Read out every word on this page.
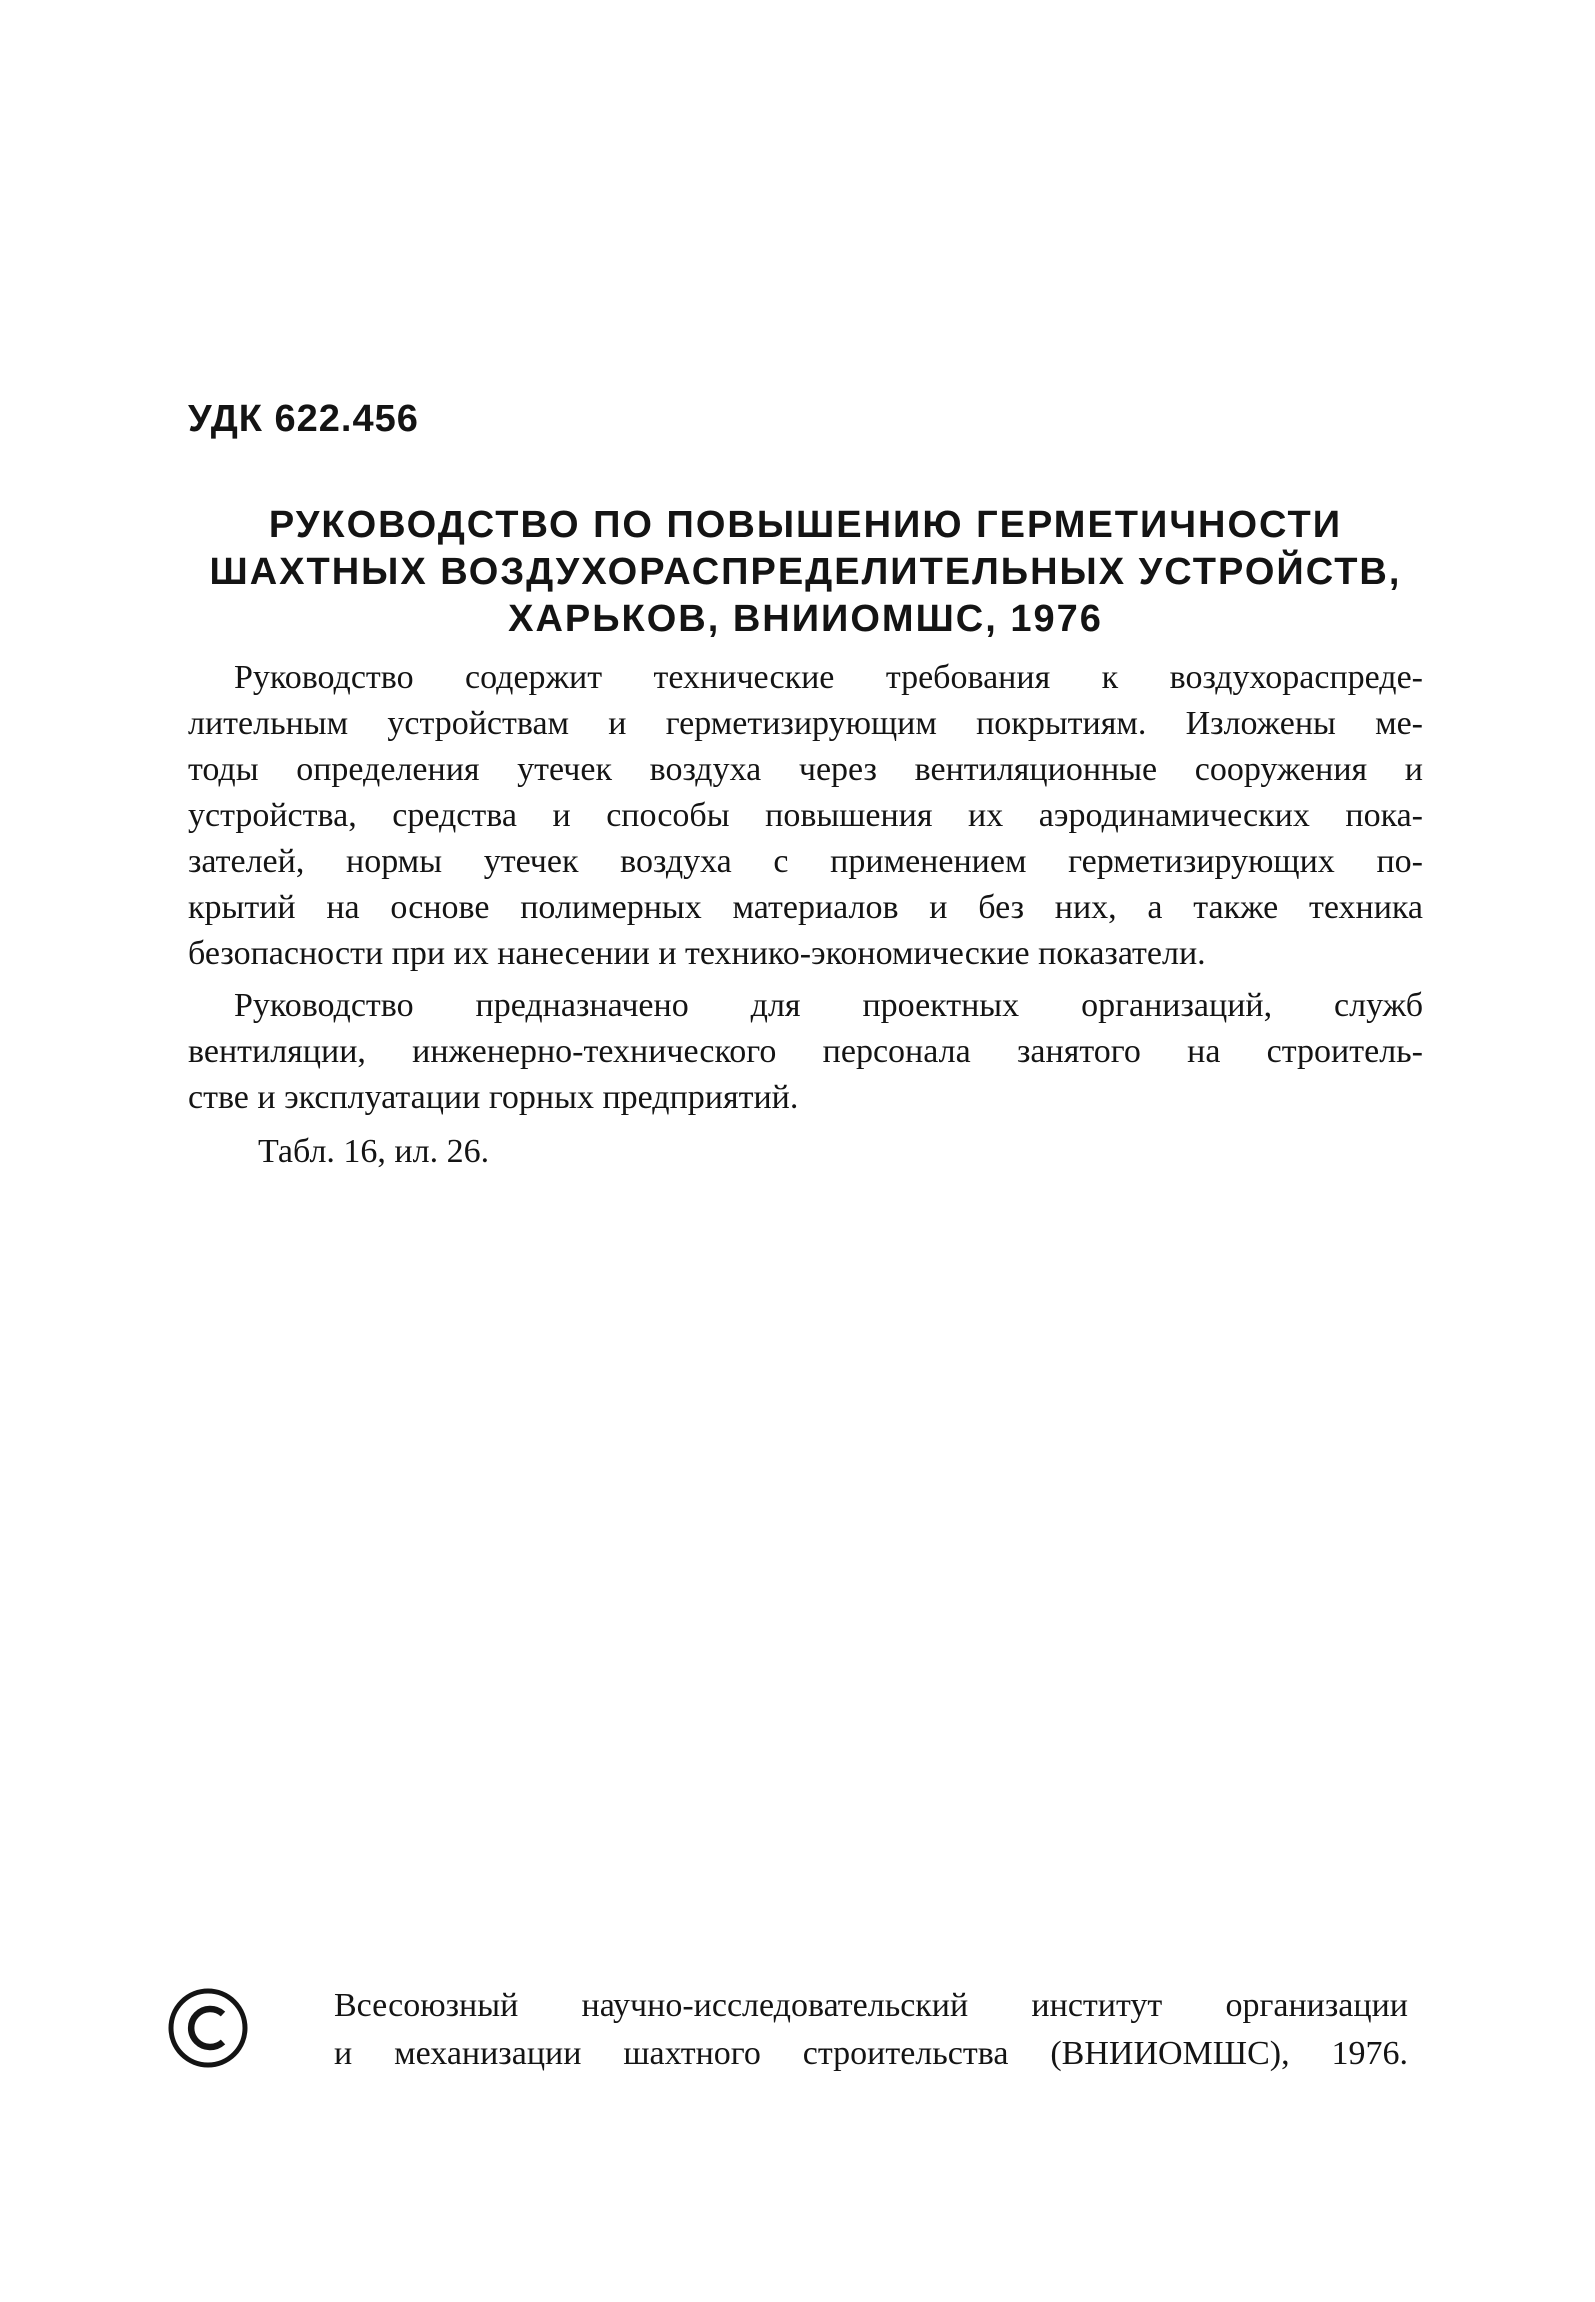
УДК 622.456
РУКОВОДСТВО ПО ПОВЫШЕНИЮ ГЕРМЕТИЧНОСТИ
ШАХТНЫХ ВОЗДУХОРАСПРЕДЕЛИТЕЛЬНЫХ УСТРОЙСТВ,
ХАРЬКОВ, ВНИИОМШС, 1976

Руководство содержит технические требования к воздухораспреде-
лительным устройствам и герметизирующим покрытиям. Изложены ме-
тоды определения утечек воздуха через вентиляционные сооружения и
устройства, средства и способы повышения их аэродинамических пока-
зателей, нормы утечек воздуха с применением герметизирующих по-
крытий на основе полимерных материалов и без них, а также техника
безопасности при их нанесении и технико-экономические показатели.

Руководство предназначено для проектных организаций, служб
вентиляции, инженерно-технического персонала занятого на строитель-
стве и эксплуатации горных предприятий.

Табл. 16, ил. 26.
Всесоюзный научно-исследовательский институт организации
и механизации шахтного строительства (ВНИИОМШС), 1976.
